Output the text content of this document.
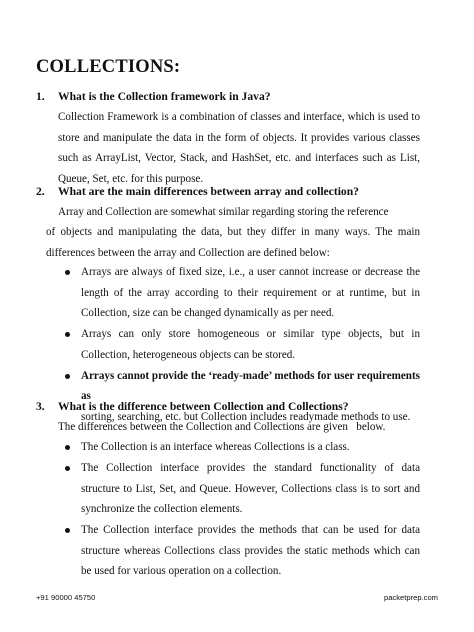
COLLECTIONS:
1. What is the Collection framework in Java?
Collection Framework is a combination of classes and interface, which is used to store and manipulate the data in the form of objects. It provides various classes such as ArrayList, Vector, Stack, and HashSet, etc. and interfaces such as List, Queue, Set, etc. for this purpose.
2. What are the main differences between array and collection?
Array and Collection are somewhat similar regarding storing the reference
of objects and manipulating the data, but they differ in many ways. The main differences between the array and Collection are defined below:
Arrays are always of fixed size, i.e., a user cannot increase or decrease the length of the array according to their requirement or at runtime, but in Collection, size can be changed dynamically as per need.
Arrays can only store homogeneous or similar type objects, but in Collection, heterogeneous objects can be stored.
Arrays cannot provide the ‘ready-made’ methods for user requirements as
sorting, searching, etc. but Collection includes readymade methods to use.
3. What is the difference between Collection and Collections?
The differences between the Collection and Collections are given   below.
The Collection is an interface whereas Collections is a class.
The Collection interface provides the standard functionality of data structure to List, Set, and Queue. However, Collections class is to sort and synchronize the collection elements.
The Collection interface provides the methods that can be used for data structure whereas Collections class provides the static methods which can be used for various operation on a collection.
+91 90000 45750	packetprep.com
